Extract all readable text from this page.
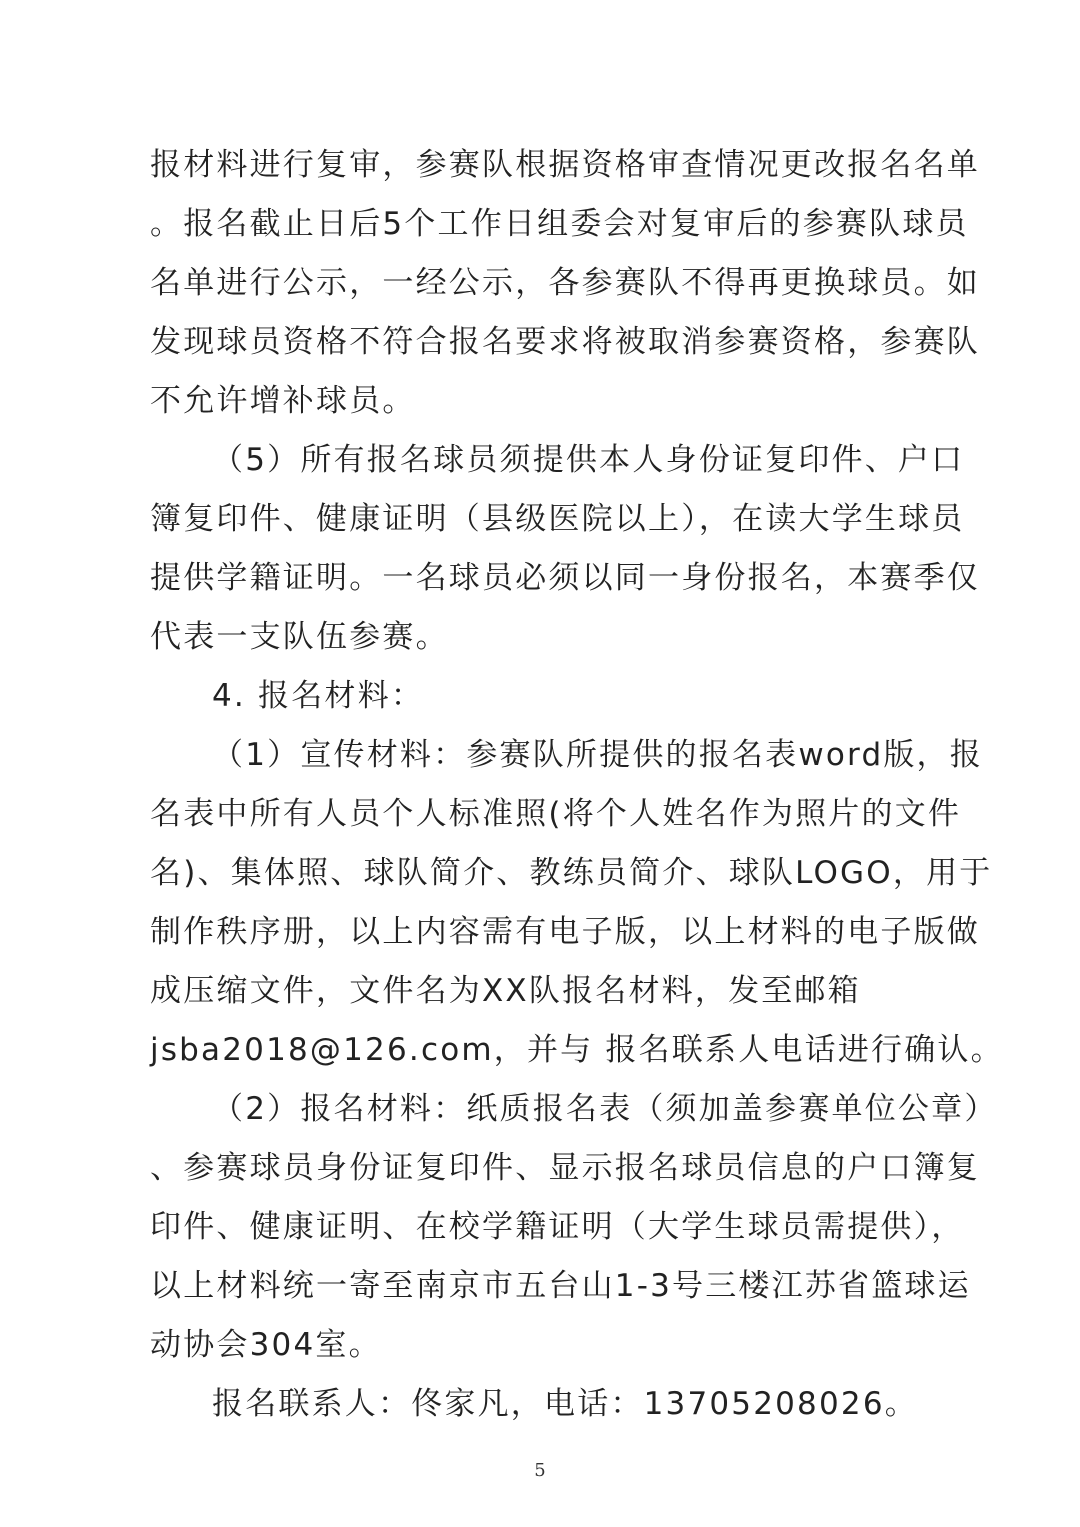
报材料进行复审，参赛队根据资格审查情况更改报名名单
。报名截止日后5个工作日组委会对复审后的参赛队球员
名单进行公示，一经公示，各参赛队不得再更换球员。如
发现球员资格不符合报名要求将被取消参赛资格，参赛队
不允许增补球员。
（5）所有报名球员须提供本人身份证复印件、户口
簿复印件、健康证明（县级医院以上），在读大学生球员
提供学籍证明。一名球员必须以同一身份报名，本赛季仅
代表一支队伍参赛。
4. 报名材料：
（1）宣传材料：参赛队所提供的报名表word版，报
名表中所有人员个人标准照(将个人姓名作为照片的文件
名)、集体照、球队简介、教练员简介、球队LOGO，用于
制作秩序册，以上内容需有电子版，以上材料的电子版做
成压缩文件，文件名为XX队报名材料，发至邮箱
jsba2018@126.com，并与 报名联系人电话进行确认。
（2）报名材料：纸质报名表（须加盖参赛单位公章）
、参赛球员身份证复印件、显示报名球员信息的户口簿复
印件、健康证明、在校学籍证明（大学生球员需提供），
以上材料统一寄至南京市五台山1-3号三楼江苏省篮球运
动协会304室。
报名联系人：佟家凡，电话：13705208026。
5
